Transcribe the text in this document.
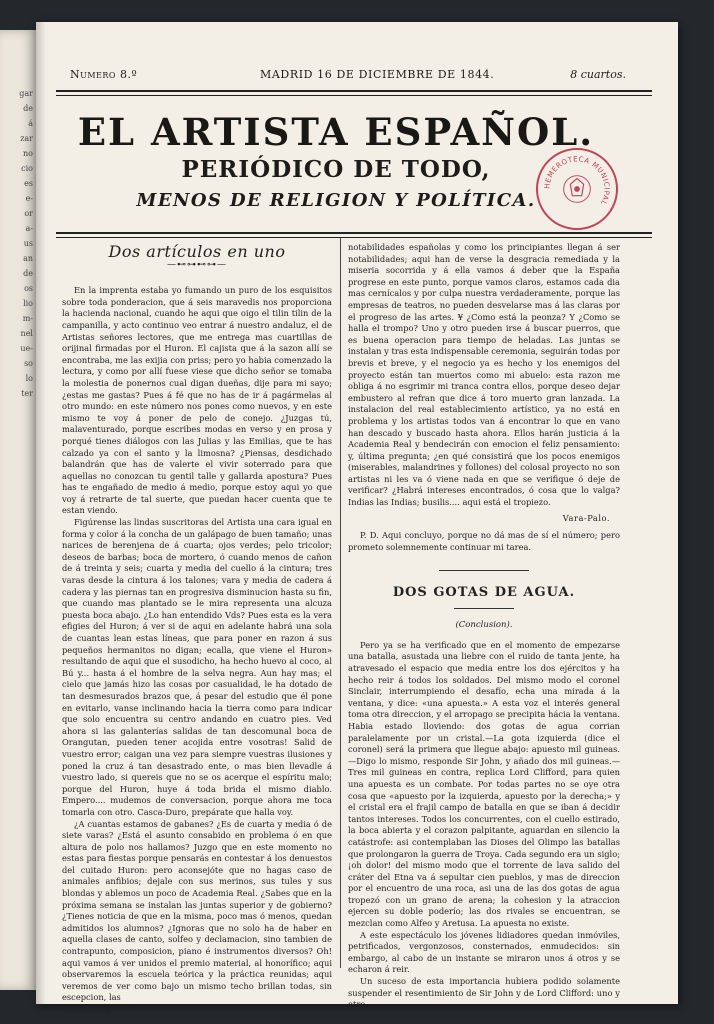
gar
de
á
zar
no
cio
es
e-
or
a-
us
an
de
os
lio
m-
nel
ue-
so
lo
ter
Numero 8.º	MADRID 16 DE DICIEMBRE DE 1844.	8 cuartos.
EL ARTISTA ESPAÑOL.
PERIÓDICO DE TODO,
MENOS DE RELIGION Y POLÍTICA.
HEMEROTECA MUNICIPAL

Dos artículos en uno

—⊷⊶⊷⊶—

En la imprenta estaba yo fumando un puro de los esquisitos sobre toda ponderacion, que á seis maravedis nos proporciona la hacienda nacional, cuando he aqui que oigo el tilin tilin de la campanilla, y acto continuo veo entrar á nuestro andaluz, el de Artistas señores lectores, que me entrega mas cuartillas de orijinal firmadas por el Huron. El cajista que á la sazon allí se encontraba, me las exijia con priss; pero yo habia comenzado la lectura, y como por allí fuese viese que dicho señor se tomaba la molestia de ponernos cual digan dueñas, dije para mi sayo; ¿estas me gastas? Pues á fé que no has de ir á pagármelas al otro mundo: en este número nos pones como nuevos, y en este mismo te voy á poner de pelo de conejo. ¿Juzgas tú, malaventurado, porque escribes modas en verso y en prosa y porqué tienes diálogos con las Julias y las Emilias, que te has calzado ya con el santo y la limosna? ¿Piensas, desdichado balandrán que has de valerte el vivir soterrado para que aquellas no conozcan tu gentil talle y gallarda apostura? Pues has te engañado de medio á medio, porque estoy aqui yo que voy á retrarte de tal suerte, que puedan hacer cuenta que te estan viendo.

Figúrense las lindas suscritoras del Artista una cara igual en forma y color á la concha de un galápago de buen tamaño; unas narices de berenjena de á cuarta; ojos verdes; pelo tricolor; deseos de barbas; boca de mortero, ó cuando menos de cañon de á treinta y seis; cuarta y media del cuello á la cintura; tres varas desde la cintura á los talones; vara y media de cadera á cadera y las piernas tan en progresiva disminucion hasta su fin, que cuando mas plantado se le mira representa una alcuza puesta boca abajo. ¿Lo han entendido Vds? Pues esta es la vera efigies del Huron; á ver si de aqui en adelante habrá una sola de cuantas lean estas líneas, que para poner en razon á sus pequeños hermanitos no digan; ecalla, que viene el Huron» resultando de aqui que el susodicho, ha hecho huevo al coco, al Bú y... hasta á el hombre de la selva negra. Aun hay mas; el cielo que jamás hizo las cosas por casualidad, le ha dotado de tan desmesurados brazos que, á pesar del estudio que él pone en evitarlo, vanse inclinando hacia la tierra como para indicar que solo encuentra su centro andando en cuatro pies. Ved ahora si las galanterías salidas de tan descomunal boca de Orangutan, pueden tener acojida entre vosotras! Salid de vuestro error; caigan una vez para siempre vuestras ilusiones y poned la cruz á tan desastrado ente, o mas bien llevadle á vuestro lado, si quereis que no se os acerque el espíritu malo; porque del Huron, huye á toda brida el mismo diablo. Empero.... mudemos de conversacion, porque ahora me toca tomarla con otro. Casca-Duro, prepárate que halla voy.

¿A cuantas estamos de gabanes? ¿Es de cuarta y media ó de siete varas? ¿Está el asunto consabido en problema ó en que altura de polo nos hallamos? Juzgo que en este momento no estas para fiestas porque pensarás en contestar á los denuestos del cuitado Huron: pero aconsejóte que no hagas caso de animales anfibios; dejale con sus merinos, sus tules y sus blondas y ablemos un poco de Academia Real. ¿Sabes que en la próxima semana se instalan las juntas superior y de gobierno? ¿Tienes noticia de que en la misma, poco mas ó menos, quedan admitidos los alumnos? ¿Ignoras que no solo ha de haber en aquella clases de canto, solfeo y declamacion, sino tambien de contrapunto, composicion, piano é instrumentos diversos? Oh! aqui vamos á ver unidos el premio material, al honorífico; aqui observaremos la escuela teórica y la práctica reunidas; aqui veremos de ver como bajo un mismo techo brillan todas, sin escepcion, las

Trimestre 1.º

notabilidades españolas y como los principiantes llegan á ser notabilidades; aqui han de verse la desgracia remediada y la miseria socorrida y á ella vamos á deber que la España progrese en este punto, porque vamos claros, estamos cada dia mas cernícalos y por culpa nuestra verdaderamente, porque las empresas de teatros, no pueden desvelarse mas á las claras por el progreso de las artes. ¥ ¿Como está la peonza? Y ¿Como se halla el trompo? Uno y otro pueden irse á buscar puerros, que es buena operacion para tiempo de heladas. Las juntas se instalan y tras esta indispensable ceremonia, seguirán todas por brevis et breve, y el negocio ya es hecho y los enemigos del proyecto están tan muertos como mi abuelo: esta razon me obliga á no esgrimir mi tranca contra ellos, porque deseo dejar embustero al refran que dice á toro muerto gran lanzada. La instalacion del real establecimiento artístico, ya no está en problema y los artistas todos van á encontrar lo que en vano han descado y buscado hasta ahora. Ellos harán justicia á la Academia Real y bendecirán con emocion el feliz pensamiento: y, última pregunta; ¿en qué consistirá que los pocos enemigos (miserables, malandrines y follones) del colosal proyecto no son artistas ni les va ó viene nada en que se verifique ó deje de verificar? ¿Habrá intereses encontrados, ó cosa que lo valga? Indias las Indias; busilis.... aqui está el tropiezo.

Vara-Palo.

P. D. Aqui concluyo, porque no dá mas de sí el número; pero prometo solemnemente continuar mi tarea.

DOS GOTAS DE AGUA.
(Conclusion).

Pero ya se ha verificado que en el momento de empezarse una batalla, asustada una liebre con el ruido de tanta jente, ha atravesado el espacio que media entre los dos ejércitos y ha hecho reir á todos los soldados. Del mismo modo el coronel Sinclair, interrumpiendo el desafío, echa una mirada á la ventana, y dice: «una apuesta.» A esta voz el interés general toma otra direccion, y el arropago se precipita hácia la ventana. Habia estado lloviendo: dos gotas de agua corrian paralelamente por un cristal.—La gota izquierda (dice el coronel) será la primera que llegue abajo: apuesto mil guineas.—Digo lo mismo, responde Sir John, y añado dos mil guineas.—Tres mil guineas en contra, replica Lord Clifford, para quien una apuesta es un combate. Por todas partes no se oye otra cosa que «apuesto por la izquierda, apuesto por la derecha;» y el cristal era el frajil campo de batalla en que se iban á decidir tantos intereses. Todos los concurrentes, con el cuello estirado, la boca abierta y el corazon palpitante, aguardan en silencio la catástrofe: asi contemplaban las Dioses del Olimpo las batallas que prolongaron la guerra de Troya. Cada segundo era un siglo; ¡oh dolor! del mismo modo que el torrente de lava salido del cráter del Etna va á sepultar cien pueblos, y mas de direccion por el encuentro de una roca, asi una de las dos gotas de agua tropezó con un grano de arena; la cohesion y la atraccion ejercen su doble poderío; las dos rivales se encuentran, se mezclan como Alfeo y Aretusa. La apuesta no existe.

A este espectáculo los jóvenes lidiadores quedan inmóviles, petrificados, vergonzosos, consternados, enmudecidos: sin embargo, al cabo de un instante se miraron unos á otros y se echaron á reir.

Un suceso de esta importancia hubiera podido solamente suspender el resentimiento de Sir John y de Lord Clifford: uno y otro
